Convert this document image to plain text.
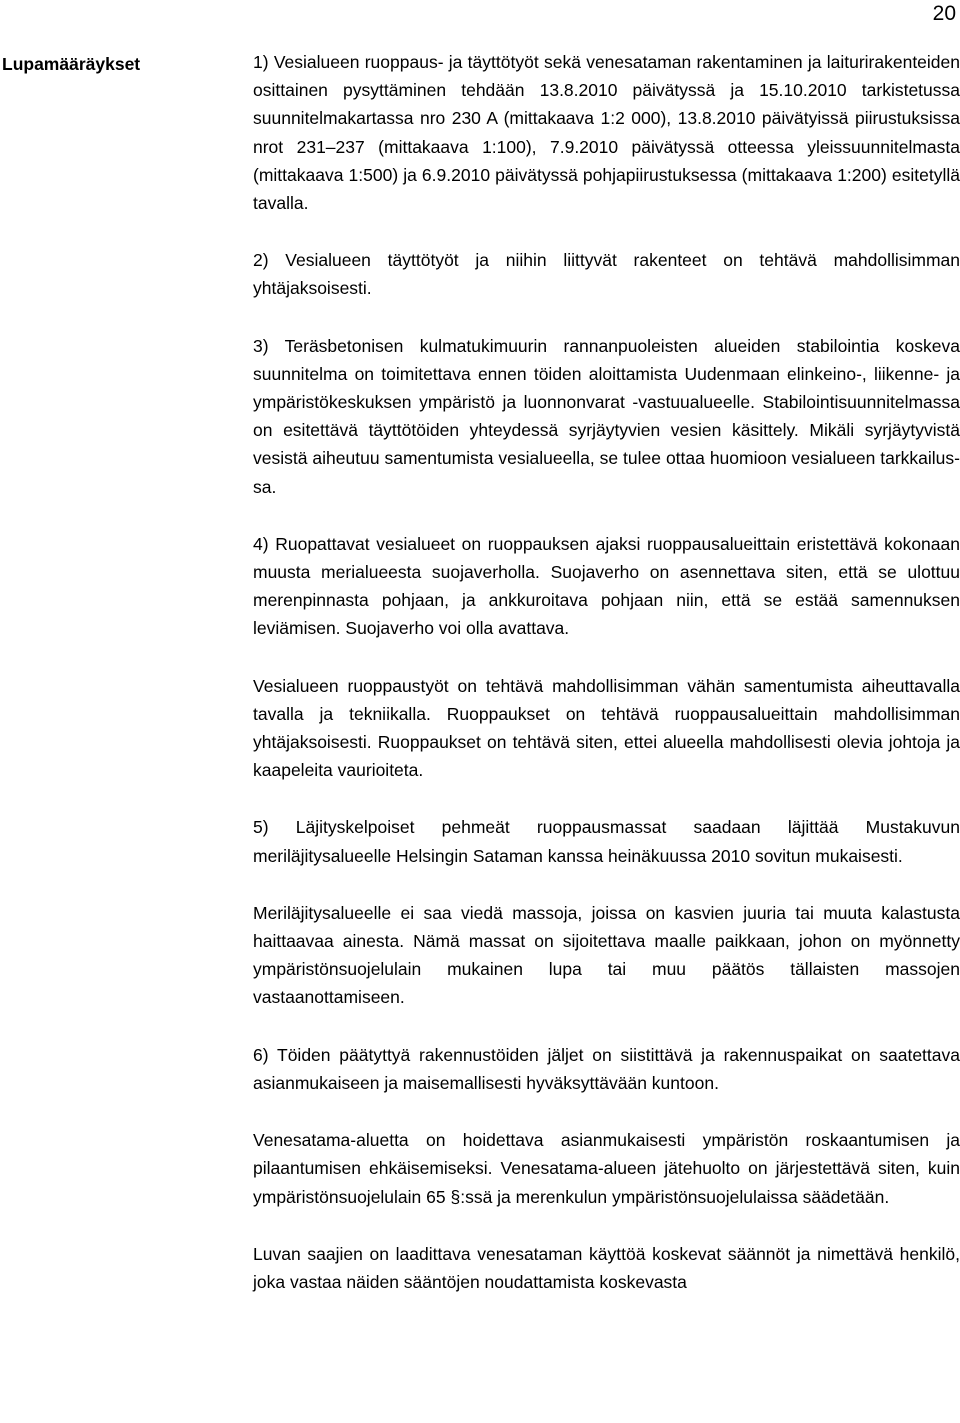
20
Lupamääräykset	1) Vesialueen ruoppaus- ja täyttötyöt sekä venesataman rakentaminen ja laiturirakenteiden osittainen pysyttäminen tehdään 13.8.2010 päivätyssä ja 15.10.2010 tarkistetussa suunnitelmakartassa nro 230 A (mittakaava 1:2 000), 13.8.2010 päivätyissä piirustuksissa nrot 231–237 (mittakaava 1:100), 7.9.2010 päivätyssä otteessa yleissuunnitelmasta (mittakaava 1:500) ja 6.9.2010 päivätyssä pohjapiirustuksessa (mittakaava 1:200) esitetyllä tavalla.

2) Vesialueen täyttötyöt ja niihin liittyvät rakenteet on tehtävä mahdollisimman yhtäjaksoisesti.

3) Teräsbetonisen kulmatukimuurin rannanpuoleisten alueiden stabilointia koskeva suunnitelma on toimitettava ennen töiden aloittamista Uudenmaan elinkeino-, liikenne- ja ympäristökeskuksen ympäristö ja luonnonvarat -vastuualueelle. Stabilointisuunnitelmassa on esitettävä täyttötöiden yhteydessä syrjäytyvien vesien käsittely. Mikäli syrjäytyvistä vesistä aiheutuu samentumista vesialueella, se tulee ottaa huomioon vesialueen tarkkailussa.

4) Ruopattavat vesialueet on ruoppauksen ajaksi ruoppausalueittain eristettävä kokonaan muusta merialueesta suojaverholla. Suojaverho on asennettava siten, että se ulottuu merenpinnasta pohjaan, ja ankkuroitava pohjaan niin, että se estää samennuksen leviämisen. Suojaverho voi olla avattava.

Vesialueen ruoppaustyöt on tehtävä mahdollisimman vähän samentumista aiheuttavalla tavalla ja tekniikalla. Ruoppaukset on tehtävä ruoppausalueittain mahdollisimman yhtäjaksoisesti. Ruoppaukset on tehtävä siten, ettei alueella mahdollisesti olevia johtoja ja kaapeleita vaurioiteta.

5) Läjityskelpoiset pehmeät ruoppausmassat saadaan läjittää Mustakuvun meriläjitysalueelle Helsingin Sataman kanssa heinäkuussa 2010 sovitun mukaisesti.

Meriläjitysalueelle ei saa viedä massoja, joissa on kasvien juuria tai muuta kalastusta haittaavaa ainesta. Nämä massat on sijoitettava maalle paikkaan, johon on myönnetty ympäristönsuojelulain mukainen lupa tai muu päätös tällaisten massojen vastaanottamiseen.

6) Töiden päätyttyä rakennustöiden jäljet on siistittävä ja rakennuspaikat on saatettava asianmukaiseen ja maisemallisesti hyväksyttävään kuntoon.

Venesatama-aluetta on hoidettava asianmukaisesti ympäristön roskaantumisen ja pilaantumisen ehkäisemiseksi. Venesatama-alueen jätehuolto on järjestettävä siten, kuin ympäristönsuojelulain 65 §:ssä ja merenkulun ympäristönsuojelulaissa säädetään.

Luvan saajien on laadittava venesataman käyttöä koskevat säännöt ja nimettävä henkilö, joka vastaa näiden sääntöjen noudattamista koskevasta
